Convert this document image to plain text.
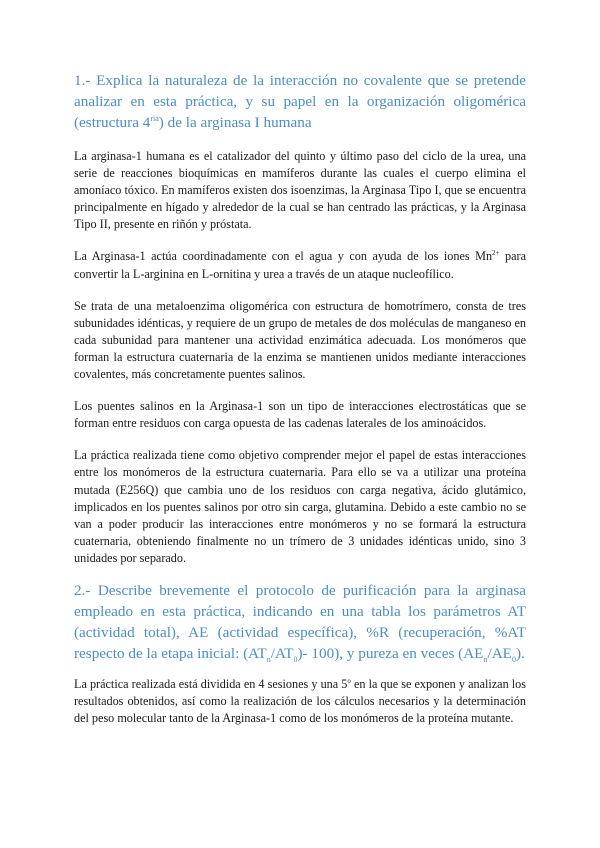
1.- Explica la naturaleza de la interacción no covalente que se pretende analizar en esta práctica, y su papel en la organización oligomérica (estructura $4^{ria}$) de la arginasa I humana

La arginasa-1 humana es el catalizador del quinto y último paso del ciclo de la urea, una serie de reacciones bioquímicas en mamíferos durante las cuales el cuerpo elimina el amoníaco tóxico. En mamíferos existen dos isoenzimas, la Arginasa Tipo I, que se encuentra principalmente en hígado y alrededor de la cual se han centrado las prácticas, y la Arginasa Tipo II, presente en riñón y próstata.

La Arginasa-1 actúa coordinadamente con el agua y con ayuda de los iones $Mn^{2+}$ para convertir la L-arginina en L-ornitina y urea a través de un ataque nucleofílico.

Se trata de una metaloenzima oligomérica con estructura de homotrímero, consta de tres subunidades idénticas, y requiere de un grupo de metales de dos moléculas de manganeso en cada subunidad para mantener una actividad enzimática adecuada. Los monómeros que forman la estructura cuaternaria de la enzima se mantienen unidos mediante interacciones covalentes, más concretamente puentes salinos.

Los puentes salinos en la Arginasa-1 son un tipo de interacciones electrostáticas que se forman entre residuos con carga opuesta de las cadenas laterales de los aminoácidos.

La práctica realizada tiene como objetivo comprender mejor el papel de estas interacciones entre los monómeros de la estructura cuaternaria. Para ello se va a utilizar una proteína mutada (E256Q) que cambia uno de los residuos con carga negativa, ácido glutámico, implicados en los puentes salinos por otro sin carga, glutamina. Debido a este cambio no se van a poder producir las interacciones entre monómeros y no se formará la estructura cuaternaria, obteniendo finalmente no un trímero de 3 unidades idénticas unido, sino 3 unidades por separado.

2.- Describe brevemente el protocolo de purificación para la arginasa empleado en esta práctica, indicando en una tabla los parámetros AT (actividad total), AE (actividad específica), %R (recuperación, %AT respecto de la etapa inicial: $(AT_n/AT_0)-$ 100), y pureza en veces $(AE_n/AE_0)$.

La práctica realizada está dividida en 4 sesiones y una 5$^o$ en la que se exponen y analizan los resultados obtenidos, así como la realización de los cálculos necesarios y la determinación del peso molecular tanto de la Arginasa-1 como de los monómeros de la proteína mutante.
